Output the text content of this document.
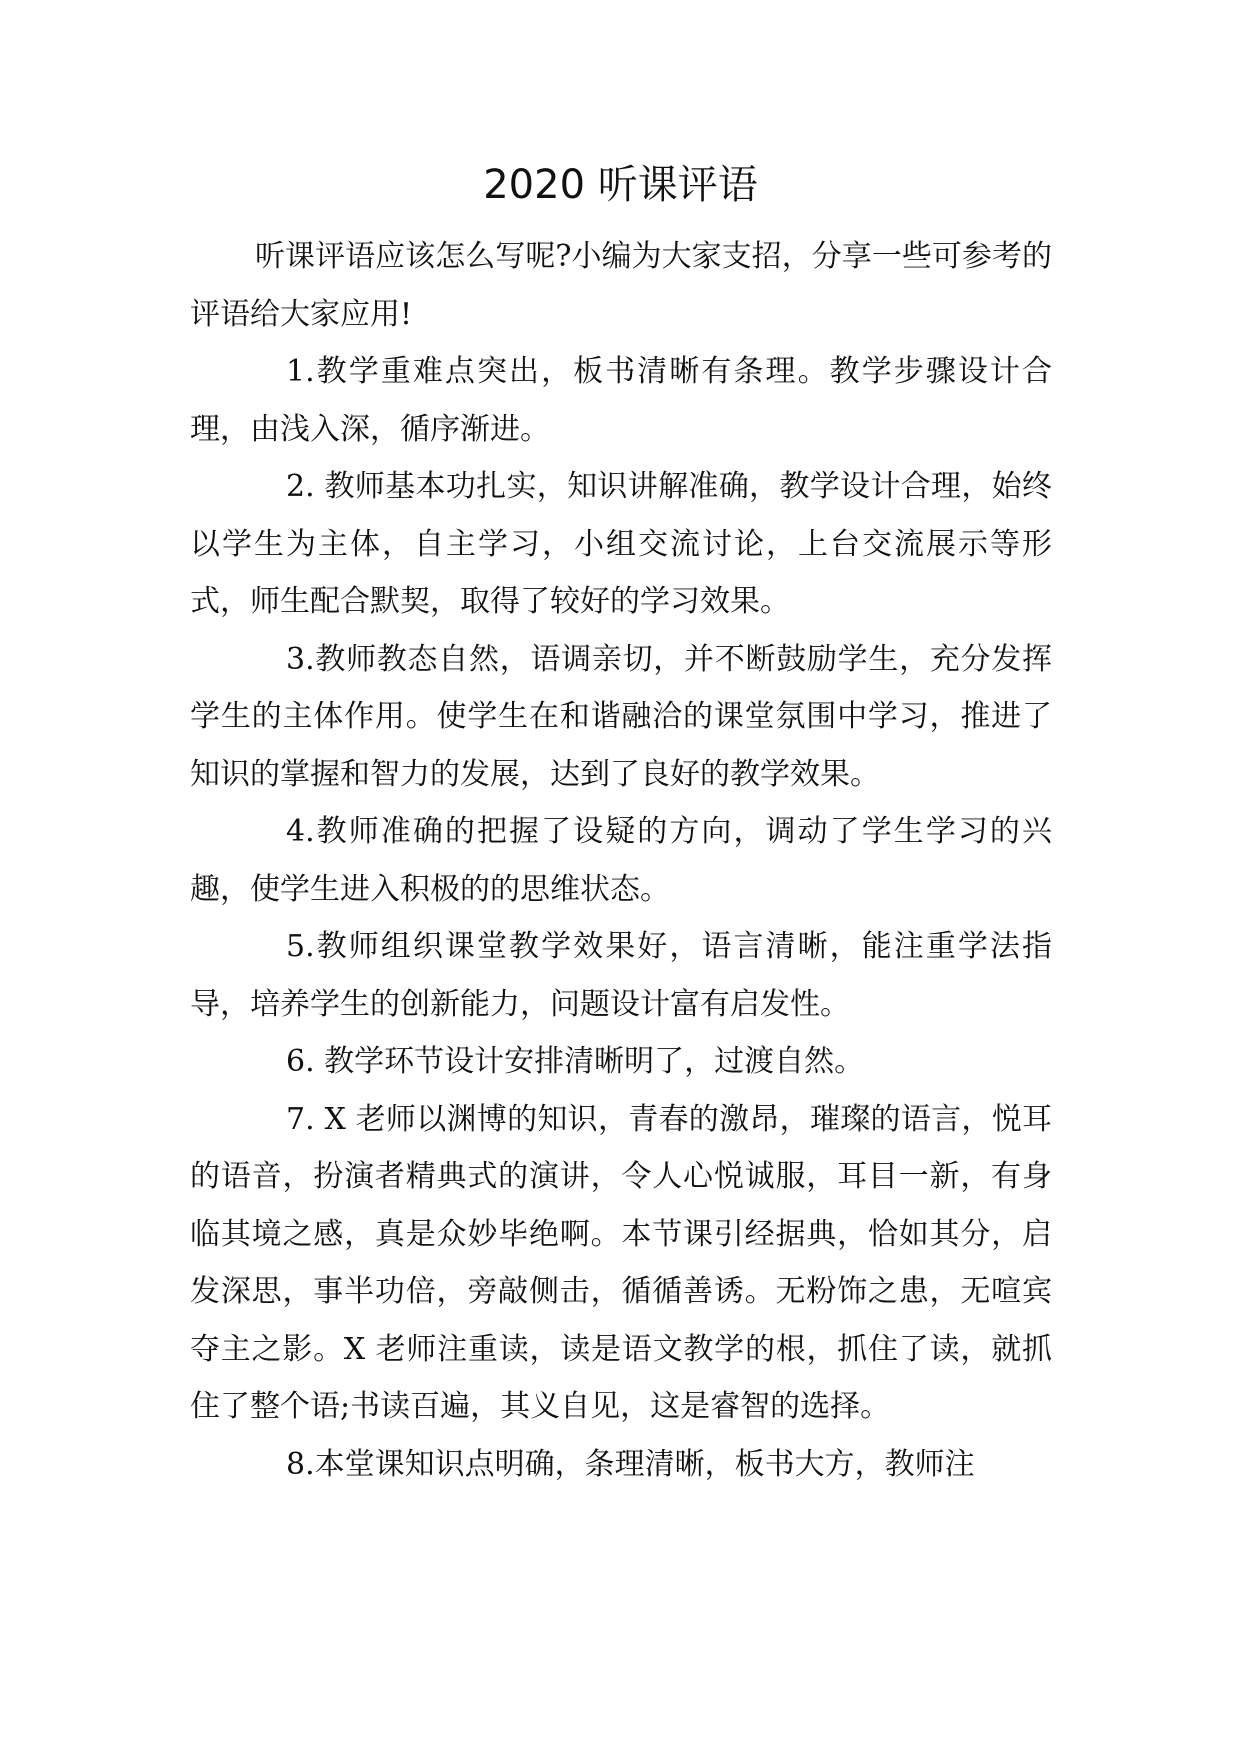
2020 听课评语

听课评语应该怎么写呢?小编为大家支招，分享一些可参考的评语给大家应用!

1.教学重难点突出，板书清晰有条理。教学步骤设计合理，由浅入深，循序渐进。

2. 教师基本功扎实，知识讲解准确，教学设计合理，始终以学生为主体，自主学习，小组交流讨论，上台交流展示等形式，师生配合默契，取得了较好的学习效果。

3.教师教态自然，语调亲切，并不断鼓励学生，充分发挥学生的主体作用。使学生在和谐融洽的课堂氛围中学习，推进了知识的掌握和智力的发展，达到了良好的教学效果。

4.教师准确的把握了设疑的方向，调动了学生学习的兴趣，使学生进入积极的的思维状态。

5.教师组织课堂教学效果好，语言清晰，能注重学法指导，培养学生的创新能力，问题设计富有启发性。

6. 教学环节设计安排清晰明了，过渡自然。

7. X 老师以渊博的知识，青春的激昂，璀璨的语言，悦耳的语音，扮演者精典式的演讲，令人心悦诚服，耳目一新，有身临其境之感，真是众妙毕绝啊。本节课引经据典，恰如其分，启发深思，事半功倍，旁敲侧击，循循善诱。无粉饰之患，无喧宾夺主之影。X 老师注重读，读是语文教学的根，抓住了读，就抓住了整个语;书读百遍，其义自见，这是睿智的选择。

8.本堂课知识点明确，条理清晰，板书大方，教师注
